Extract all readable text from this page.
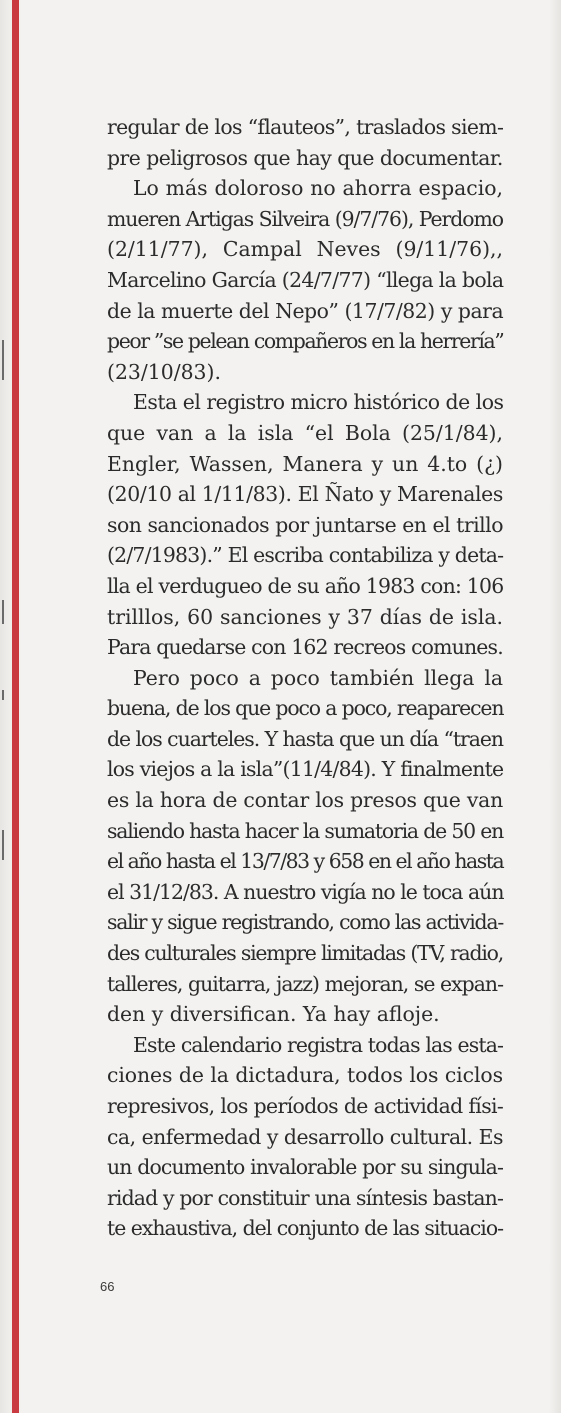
regular de los “flauteos”, traslados siem-
pre peligrosos que hay que documentar.
Lo más doloroso no ahorra espacio,
mueren Artigas Silveira (9/7/76), Perdomo
(2/11/77), Campal Neves (9/11/76),,
Marcelino García (24/7/77) “llega la bola
de la muerte del Nepo” (17/7/82) y para
peor ”se pelean compañeros en la herrería”
(23/10/83).
Esta el registro micro histórico de los
que van a la isla “el Bola (25/1/84),
Engler, Wassen, Manera y un 4.to (¿)
(20/10 al 1/11/83). El Ñato y Marenales
son sancionados por juntarse en el trillo
(2/7/1983).” El escriba contabiliza y deta-
lla el verdugueo de su año 1983 con: 106
trilllos, 60 sanciones y 37 días de isla.
Para quedarse con 162 recreos comunes.
Pero poco a poco también llega la
buena, de los que poco a poco, reaparecen
de los cuarteles. Y hasta que un día “traen
los viejos a la isla”(11/4/84). Y finalmente
es la hora de contar los presos que van
saliendo hasta hacer la sumatoria de 50 en
el año hasta el 13/7/83 y 658 en el año hasta
el 31/12/83. A nuestro vigía no le toca aún
salir y sigue registrando, como las activida-
des culturales siempre limitadas (TV, radio,
talleres, guitarra, jazz) mejoran, se expan-
den y diversifican. Ya hay afloje.
Este calendario registra todas las esta-
ciones de la dictadura, todos los ciclos
represivos, los períodos de actividad físi-
ca, enfermedad y desarrollo cultural. Es
un documento invalorable por su singula-
ridad y por constituir una síntesis bastan-
te exhaustiva, del conjunto de las situacio-
66
